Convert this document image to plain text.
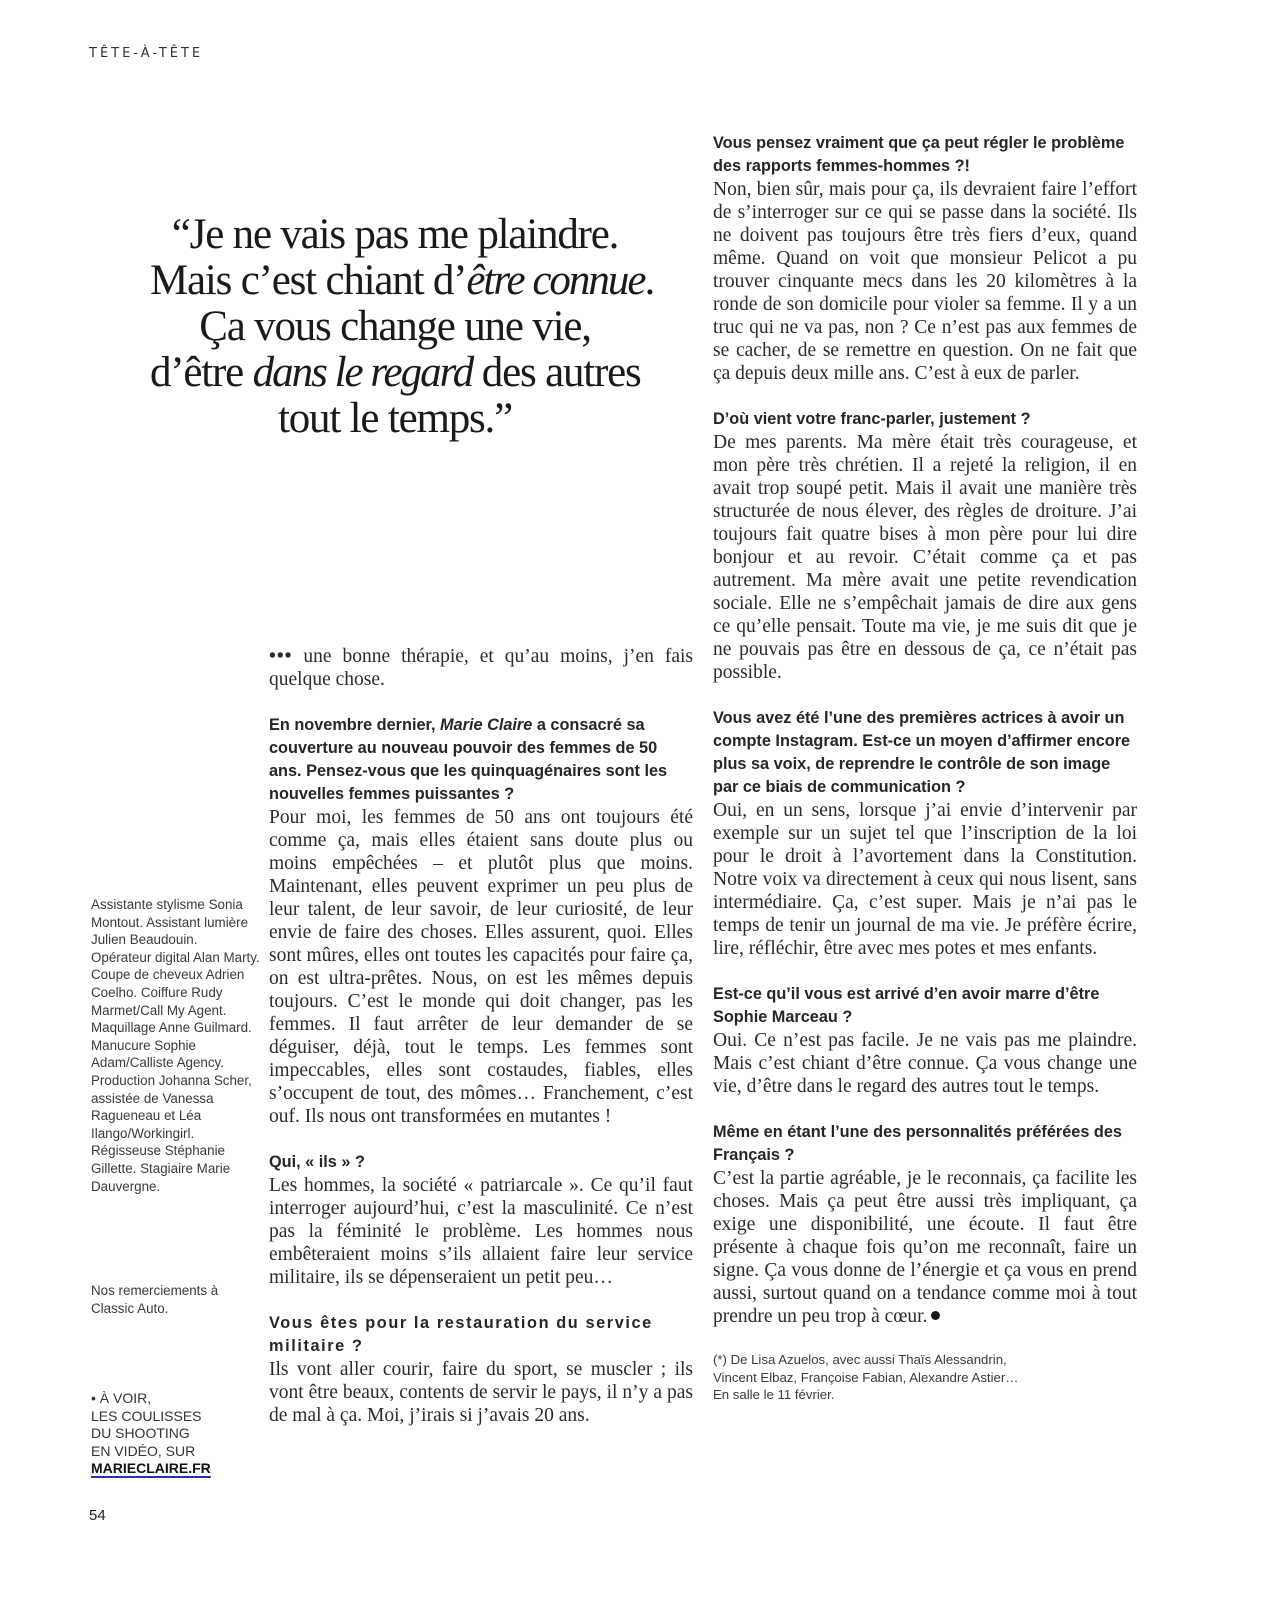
TÊTE-À-TÊTE
“Je ne vais pas me plaindre.
Mais c’est chiant d’être connue.
Ça vous change une vie,
d’être dans le regard des autres
tout le temps.”
Assistante stylisme Sonia Montout. Assistant lumière Julien Beaudouin. Opérateur digital Alan Marty. Coupe de cheveux Adrien Coelho. Coiffure Rudy Marmet/Call My Agent. Maquillage Anne Guilmard. Manucure Sophie Adam/Calliste Agency. Production Johanna Scher, assistée de Vanessa Ragueneau et Léa Ilango/Workingirl. Régisseuse Stéphanie Gillette. Stagiaire Marie Dauvergne.
Nos remerciements à Classic Auto.
• À VOIR,
LES COULISSES
DU SHOOTING
EN VIDÉO, SUR
MARIECLAIRE.FR
54

••• une bonne thérapie, et qu’au moins, j’en fais quelque chose.

En novembre dernier, Marie Claire a consacré sa couverture au nouveau pouvoir des femmes de 50 ans. Pensez-vous que les quinquagénaires sont les nouvelles femmes puissantes ?

Pour moi, les femmes de 50 ans ont toujours été comme ça, mais elles étaient sans doute plus ou moins empêchées – et plutôt plus que moins. Maintenant, elles peuvent exprimer un peu plus de leur talent, de leur savoir, de leur curiosité, de leur envie de faire des choses. Elles assurent, quoi. Elles sont mûres, elles ont toutes les capacités pour faire ça, on est ultra-prêtes. Nous, on est les mêmes depuis toujours. C’est le monde qui doit changer, pas les femmes. Il faut arrêter de leur demander de se déguiser, déjà, tout le temps. Les femmes sont impeccables, elles sont costaudes, fiables, elles s’occupent de tout, des mômes… Franchement, c’est ouf. Ils nous ont transformées en mutantes !

Qui, « ils » ?

Les hommes, la société « patriarcale ». Ce qu’il faut interroger aujourd’hui, c’est la masculinité. Ce n’est pas la féminité le problème. Les hommes nous embêteraient moins s’ils allaient faire leur service militaire, ils se dépenseraient un petit peu…

Vous êtes pour la restauration du service militaire ?

Ils vont aller courir, faire du sport, se muscler ; ils vont être beaux, contents de servir le pays, il n’y a pas de mal à ça. Moi, j’irais si j’avais 20 ans.

Vous pensez vraiment que ça peut régler le problème des rapports femmes-hommes ?!

Non, bien sûr, mais pour ça, ils devraient faire l’effort de s’interroger sur ce qui se passe dans la société. Ils ne doivent pas toujours être très fiers d’eux, quand même. Quand on voit que monsieur Pelicot a pu trouver cinquante mecs dans les 20 kilomètres à la ronde de son domicile pour violer sa femme. Il y a un truc qui ne va pas, non ? Ce n’est pas aux femmes de se cacher, de se remettre en question. On ne fait que ça depuis deux mille ans. C’est à eux de parler.

D’où vient votre franc-parler, justement ?

De mes parents. Ma mère était très courageuse, et mon père très chrétien. Il a rejeté la religion, il en avait trop soupé petit. Mais il avait une manière très structurée de nous élever, des règles de droiture. J’ai toujours fait quatre bises à mon père pour lui dire bonjour et au revoir. C’était comme ça et pas autrement. Ma mère avait une petite revendication sociale. Elle ne s’empêchait jamais de dire aux gens ce qu’elle pensait. Toute ma vie, je me suis dit que je ne pouvais pas être en dessous de ça, ce n’était pas possible.

Vous avez été l’une des premières actrices à avoir un compte Instagram. Est-ce un moyen d’affirmer encore plus sa voix, de reprendre le contrôle de son image par ce biais de communication ?

Oui, en un sens, lorsque j’ai envie d’intervenir par exemple sur un sujet tel que l’inscription de la loi pour le droit à l’avortement dans la Constitution. Notre voix va directement à ceux qui nous lisent, sans intermédiaire. Ça, c’est super. Mais je n’ai pas le temps de tenir un journal de ma vie. Je préfère écrire, lire, réfléchir, être avec mes potes et mes enfants.

Est-ce qu’il vous est arrivé d’en avoir marre d’être Sophie Marceau ?

Oui. Ce n’est pas facile. Je ne vais pas me plaindre. Mais c’est chiant d’être connue. Ça vous change une vie, d’être dans le regard des autres tout le temps.

Même en étant l’une des personnalités préférées des Français ?

C’est la partie agréable, je le reconnais, ça facilite les choses. Mais ça peut être aussi très impliquant, ça exige une disponibilité, une écoute. Il faut être présente à chaque fois qu’on me reconnaît, faire un signe. Ça vous donne de l’énergie et ça vous en prend aussi, surtout quand on a tendance comme moi à tout prendre un peu trop à cœur.

(*) De Lisa Azuelos, avec aussi Thaïs Alessandrin,
Vincent Elbaz, Françoise Fabian, Alexandre Astier…
En salle le 11 février.
